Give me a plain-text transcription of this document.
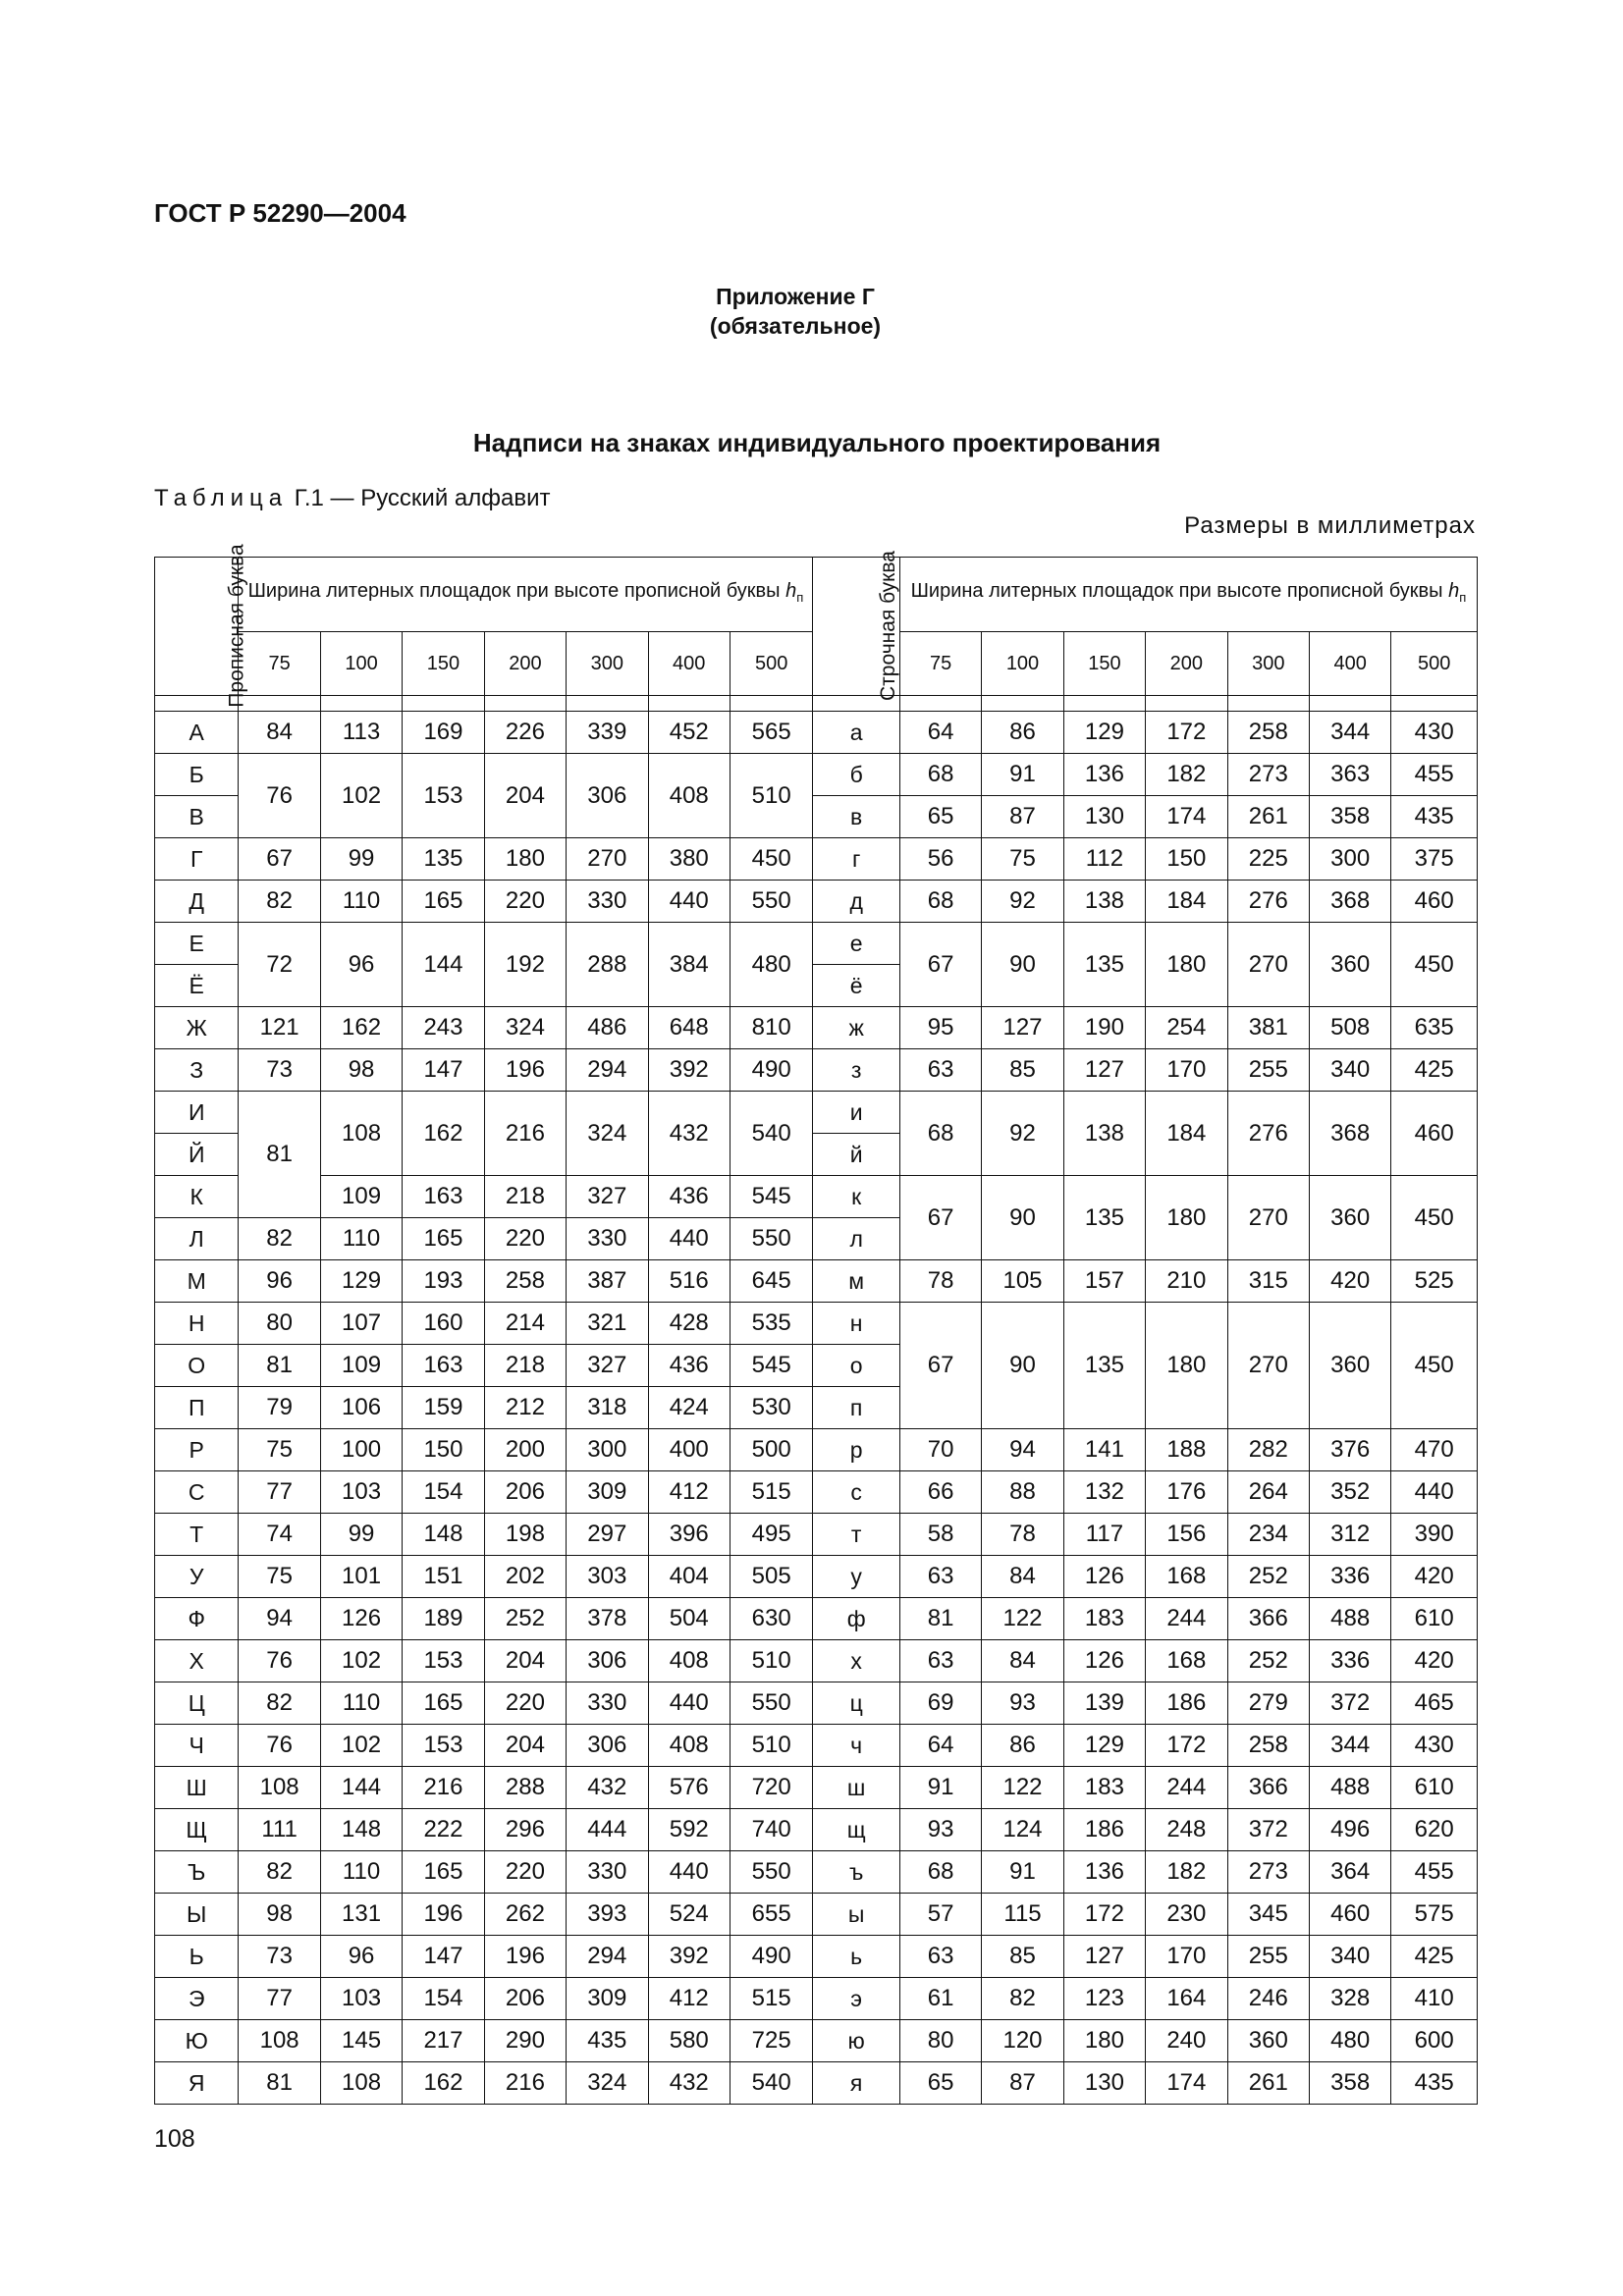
ГОСТ Р 52290—2004
Приложение Г
(обязательное)
Надписи на знаках индивидуального проектирования
Таблица Г.1 — Русский алфавит
Размеры в миллиметрах
Прописная буква	Ширина литерных площадок при высоте прописной буквы $h_п$							Строчная буква	Ширина литерных площадок при высоте прописной буквы $h_п$
	75	100	150	200	300	400	500		75	100	150	200	300	400	500

А	84	113	169	226	339	452	565	а	64	86	129	172	258	344	430
Б	76	102	153	204	306	408	510	б	68	91	136	182	273	363	455
В								в	65	87	130	174	261	358	435
Г	67	99	135	180	270	380	450	г	56	75	112	150	225	300	375
Д	82	110	165	220	330	440	550	д	68	92	138	184	276	368	460
Е	72	96	144	192	288	384	480	е	67	90	135	180	270	360	450
Ё								ё							
Ж	121	162	243	324	486	648	810	ж	95	127	190	254	381	508	635
З	73	98	147	196	294	392	490	з	63	85	127	170	255	340	425
И	81	108	162	216	324	432	540	и	68	92	138	184	276	368	460
Й								й							
К		109	163	218	327	436	545	к	67	90	135	180	270	360	450
Л	82	110	165	220	330	440	550	л							
М	96	129	193	258	387	516	645	м	78	105	157	210	315	420	525
Н	80	107	160	214	321	428	535	н	67	90	135	180	270	360	450
О	81	109	163	218	327	436	545	о							
П	79	106	159	212	318	424	530	п							
Р	75	100	150	200	300	400	500	р	70	94	141	188	282	376	470
С	77	103	154	206	309	412	515	с	66	88	132	176	264	352	440
Т	74	99	148	198	297	396	495	т	58	78	117	156	234	312	390
У	75	101	151	202	303	404	505	у	63	84	126	168	252	336	420
Ф	94	126	189	252	378	504	630	ф	81	122	183	244	366	488	610
Х	76	102	153	204	306	408	510	х	63	84	126	168	252	336	420
Ц	82	110	165	220	330	440	550	ц	69	93	139	186	279	372	465
Ч	76	102	153	204	306	408	510	ч	64	86	129	172	258	344	430
Ш	108	144	216	288	432	576	720	ш	91	122	183	244	366	488	610
Щ	111	148	222	296	444	592	740	щ	93	124	186	248	372	496	620
Ъ	82	110	165	220	330	440	550	ъ	68	91	136	182	273	364	455
Ы	98	131	196	262	393	524	655	ы	57	115	172	230	345	460	575
Ь	73	96	147	196	294	392	490	ь	63	85	127	170	255	340	425
Э	77	103	154	206	309	412	515	э	61	82	123	164	246	328	410
Ю	108	145	217	290	435	580	725	ю	80	120	180	240	360	480	600
Я	81	108	162	216	324	432	540	я	65	87	130	174	261	358	435
108
